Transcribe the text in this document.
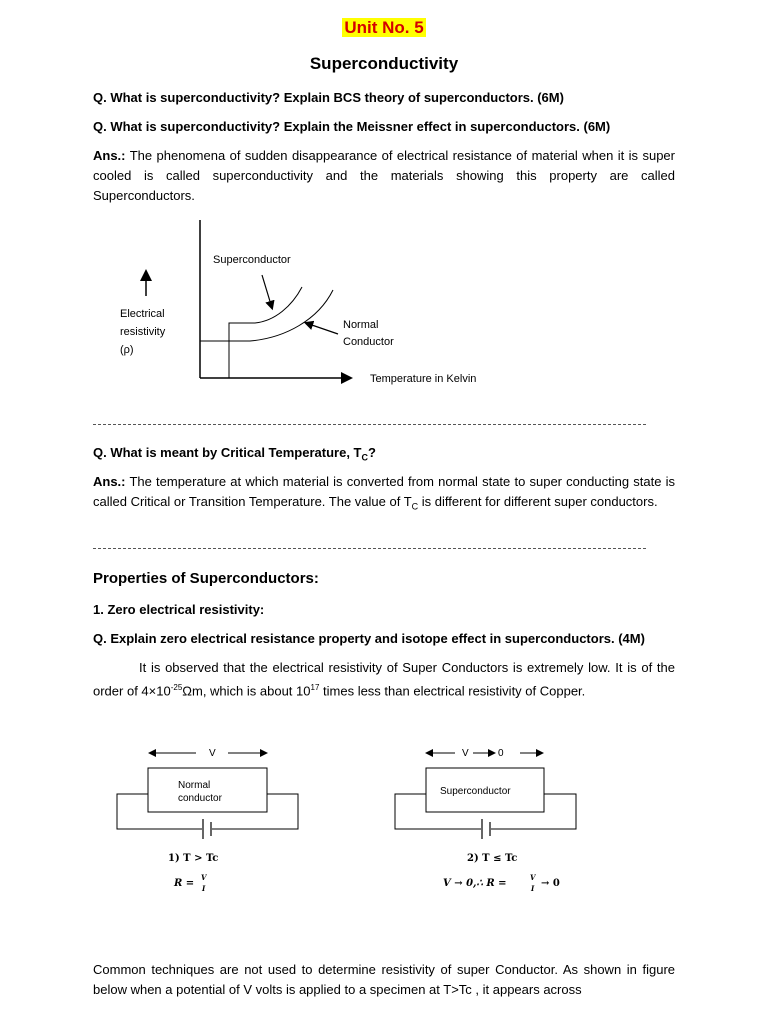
Unit No. 5
Superconductivity
Q. What is superconductivity? Explain BCS theory of superconductors. (6M)
Q. What is superconductivity? Explain the Meissner effect in superconductors. (6M)
Ans.: The phenomena of sudden disappearance of electrical resistance of material when it is super cooled is called superconductivity and the materials showing this property are called Superconductors.
Superconductor
Electrical
resistivity
(ρ)
Normal
Conductor
Temperature in Kelvin
Q. What is meant by Critical Temperature, $T_C$?
Ans.: The temperature at which material is converted from normal state to super conducting state is called Critical or Transition Temperature. The value of $T_C$ is different for different super conductors.
Properties of Superconductors:
1. Zero electrical resistivity:
Q. Explain zero electrical resistance property and isotope effect in superconductors. (4M)
It is observed that the electrical resistivity of Super Conductors is extremely low. It is of the order of $4\times 10^{-25}\Omega m$, which is about $10^{17}$ times less than electrical resistivity of Copper.
V
Normal
conductor
1) T > Tc
R =
V
I
V	0
Superconductor
2) T ≤ Tc
V → 0,∴ R =
V
I → 0
Common techniques are not used to determine resistivity of super Conductor. As shown in figure below when a potential of V volts is applied to a specimen at T>Tc , it appears across
